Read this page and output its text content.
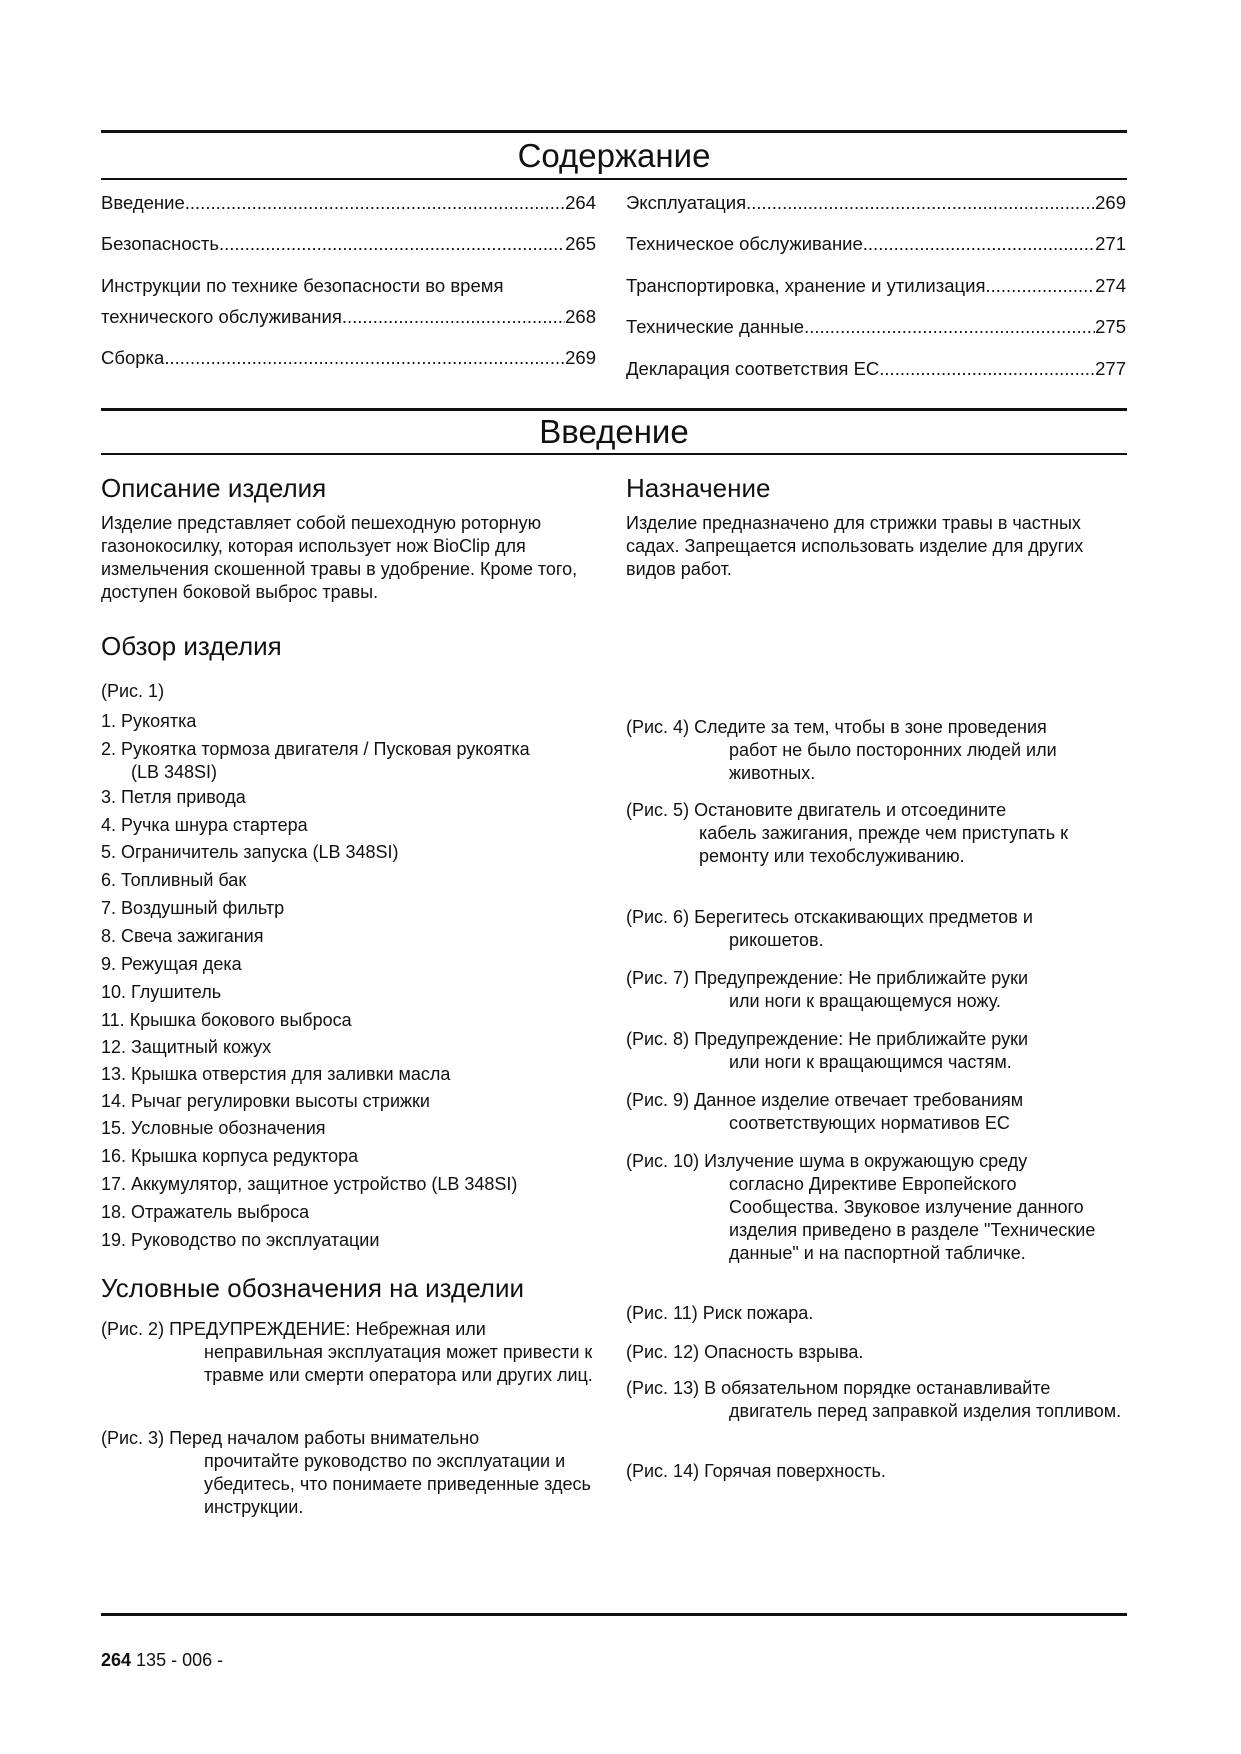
Содержание
Введение .....	264
Безопасность .....	265
Инструкции по технике безопасности во время
технического обслуживания .....	268
Сборка .....	269
Эксплуатация .....	269
Техническое обслуживание .....	271
Транспортировка, хранение и утилизация .....	274
Технические данные .....	275
Декларация соответствия ЕС .....	277
Введение
Описание изделия
Изделие представляет собой пешеходную роторную газонокосилку, которая использует нож BioClip для измельчения скошенной травы в удобрение. Кроме того, доступен боковой выброс травы.
Назначение
Изделие предназначено для стрижки травы в частных садах. Запрещается использовать изделие для других видов работ.
Обзор изделия
(Рис. 1)
1. Рукоятка
2. Рукоятка тормоза двигателя / Пусковая рукоятка
(LB 348SI)
3. Петля привода
4. Ручка шнура стартера
5. Ограничитель запуска (LB 348SI)
6. Топливный бак
7. Воздушный фильтр
8. Свеча зажигания
9. Режущая дека
10. Глушитель
11. Крышка бокового выброса
12. Защитный кожух
13. Крышка отверстия для заливки масла
14. Рычаг регулировки высоты стрижки
15. Условные обозначения
16. Крышка корпуса редуктора
17. Аккумулятор, защитное устройство (LB 348SI)
18. Отражатель выброса
19. Руководство по эксплуатации
Условные обозначения на изделии
(Рис. 2) ПРЕДУПРЕЖДЕНИЕ: Небрежная или
неправильная эксплуатация может привести к травме или смерти оператора или других лиц.
(Рис. 3) Перед началом работы внимательно
прочитайте руководство по эксплуатации и убедитесь, что понимаете приведенные здесь инструкции.
(Рис. 4) Следите за тем, чтобы в зоне проведения
работ не было посторонних людей или животных.
(Рис. 5) Остановите двигатель и отсоедините
кабель зажигания, прежде чем приступать к ремонту или техобслуживанию.
(Рис. 6) Берегитесь отскакивающих предметов и
рикошетов.
(Рис. 7) Предупреждение: Не приближайте руки
или ноги к вращающемуся ножу.
(Рис. 8) Предупреждение: Не приближайте руки
или ноги к вращающимся частям.
(Рис. 9) Данное изделие отвечает требованиям
соответствующих нормативов ЕС
(Рис. 10) Излучение шума в окружающую среду
согласно Директиве Европейского Сообщества. Звуковое излучение данного изделия приведено в разделе "Технические данные" и на паспортной табличке.
(Рис. 11) Риск пожара.
(Рис. 12) Опасность взрыва.
(Рис. 13) В обязательном порядке останавливайте
двигатель перед заправкой изделия топливом.
(Рис. 14) Горячая поверхность.
264 135 - 006 -
